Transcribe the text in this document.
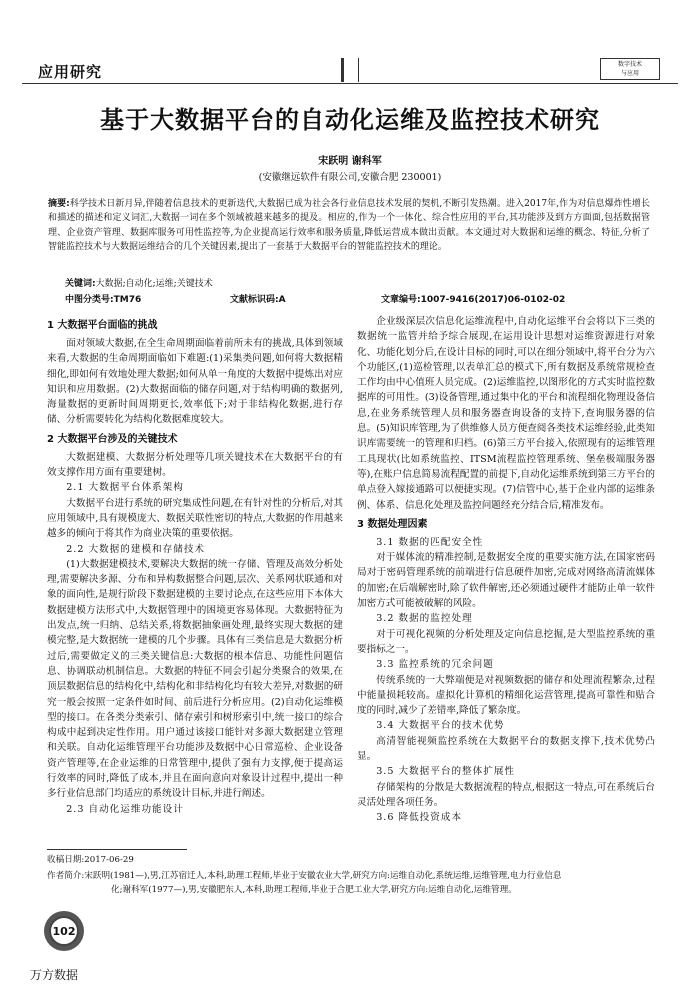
应用研究	数字技术
与应用
基于大数据平台的自动化运维及监控技术研究
宋跃明 谢科军
(安徽继远软件有限公司,安徽合肥 230001)
摘要:科学技术日新月异,伴随着信息技术的更新迭代,大数据已成为社会各行业信息技术发展的契机,不断引发热潮。进入2017年,作为对信息爆炸性增长和描述的描述和定义词汇,大数据一词在多个领域被越来越多的提及。相应的,作为一个一体化、综合性应用的平台,其功能涉及到方方面面,包括数据管理、企业资产管理、数据库服务可用性监控等,为企业提高运行效率和服务质量,降低运营成本做出贡献。本文通过对大数据和运维的概念、特征,分析了智能监控技术与大数据运维结合的几个关键因素,提出了一套基于大数据平台的智能监控技术的理论。
关键词:大数据;自动化;运维;关键技术
中图分类号:TM76	文献标识码:A	文章编号:1007-9416(2017)06-0102-02
1 大数据平台面临的挑战

面对领域大数据,在全生命周期面临着前所未有的挑战,具体到领域来看,大数据的生命周期面临如下难题:(1)采集类问题,如何将大数据精细化,即如何有效地处理大数据;如何从单一角度的大数据中提炼出对应知识和应用数据。(2)大数据面临的储存问题,对于结构明确的数据列,海量数据的更新时间周期更长,效率低下;对于非结构化数据,进行存储、分析需要转化为结构化数据难度较大。

2 大数据平台涉及的关键技术

大数据建模、大数据分析处理等几项关键技术在大数据平台的有效支撑作用方面有重要建树。

2.1 大数据平台体系架构

大数据平台进行系统的研究集成性问题,在有针对性的分析后,对其应用领域中,具有规模庞大、数据关联性密切的特点,大数据的作用越来越多的倾向于将其作为商业决策的重要依据。

2.2 大数据的建模和存储技术

(1)大数据建模技术,要解决大数据的统一存储、管理及高效分析处理,需要解决多源、分布和异构数据整合问题,层次、关系网状联通和对象的面向性,是规行阶段下数据建模的主要讨论点,在这些应用下本体大数据建模方法形式中,大数据管理中的困境更容易体现。大数据特征为出发点,统一归纳、总结关系,将数据抽象画处理,最终实现大数据的建模完整,是大数据统一建模的几个步骤。具体有三类信息是大数据分析过后,需要做定义的三类关键信息:大数据的根本信息、功能性问题信息、协调联动机制信息。大数据的特征不同会引起分类聚合的效果,在顶层数据信息的结构化中,结构化和非结构化均有较大差异,对数据的研究一般会按照一定条件如时间、前后进行分析应用。(2)自动化运维模型的接口。在各类分类索引、储存索引和树形索引中,统一接口的综合构成中起到决定性作用。用户通过该接口能针对多源大数据建立管理和关联。自动化运维管理平台功能涉及数据中心日常巡检、企业设备资产管理等,在企业运维的日常管理中,提供了强有力支撑,便于提高运行效率的同时,降低了成本,并且在面向意向对象设计过程中,提出一种多行业信息部门均适应的系统设计目标,并进行阐述。

2.3 自动化运维功能设计

企业级深层次信息化运维流程中,自动化运维平台会将以下三类的数据统一监管并给予综合展现,在运用设计思想对运维资源进行对象化、功能化划分后,在设计目标的同时,可以在细分领域中,将平台分为六个功能区,(1)巡检管理,以表单汇总的模式下,所有数据及系统常规检查工作均由中心值班人员完成。(2)运维监控,以图形化的方式实时监控数据库的可用性。(3)设备管理,通过集中化的平台和流程细化物理设备信息,在业务系统管理人员和服务器查询设备的支持下,查询服务器的信息。(5)知识库管理,为了供维修人员方便查阅各类技术运维经验,此类知识库需要统一的管理和归档。(6)第三方平台接入,依照现有的运维管理工具现状(比如系统监控、ITSM流程监控管理系统、堡垒极端服务器等),在账户信息简易流程配置的前提下,自动化运维系统到第三方平台的单点登入嫁接通路可以便捷实现。(7)信管中心,基于企业内部的运维条例、体系、信息化处理及监控问题经充分结合后,精准发布。

3 数据处理因素
3.1 数据的匹配安全性

对于媒体流的精准控制,是数据安全度的重要实施方法,在国家密码局对于密码管理系统的前端进行信息硬件加密,完成对网络高清流媒体的加密;在后端解密时,除了软件解密,还必须通过硬件才能防止单一软件加密方式可能被破解的风险。

3.2 数据的监控处理

对于可视化视频的分析处理及定向信息挖掘,是大型监控系统的重要指标之一。

3.3 监控系统的冗余问题

传统系统的一大弊端便是对视频数据的储存和处理流程繁杂,过程中能量损耗较高。虚拟化计算机的精细化运营管理,提高可靠性和贴合度的同时,减少了差错率,降低了繁杂度。

3.4 大数据平台的技术优势

高清智能视频监控系统在大数据平台的数据支撑下,技术优势凸显。

3.5 大数据平台的整体扩展性

存储架构的分散是大数据流程的特点,根据这一特点,可在系统后台灵活处理各项任务。

3.6 降低投资成本
收稿日期:2017-06-29
作者简介:宋跃明(1981—),男,江苏宿迁人,本科,助理工程师,毕业于安徽农业大学,研究方向:运维自动化,系统运维,运维管理,电力行业信息
化;谢科军(1977—),男,安徽肥东人,本科,助理工程师,毕业于合肥工业大学,研究方向:运维自动化,运维管理。
102
万方数据
